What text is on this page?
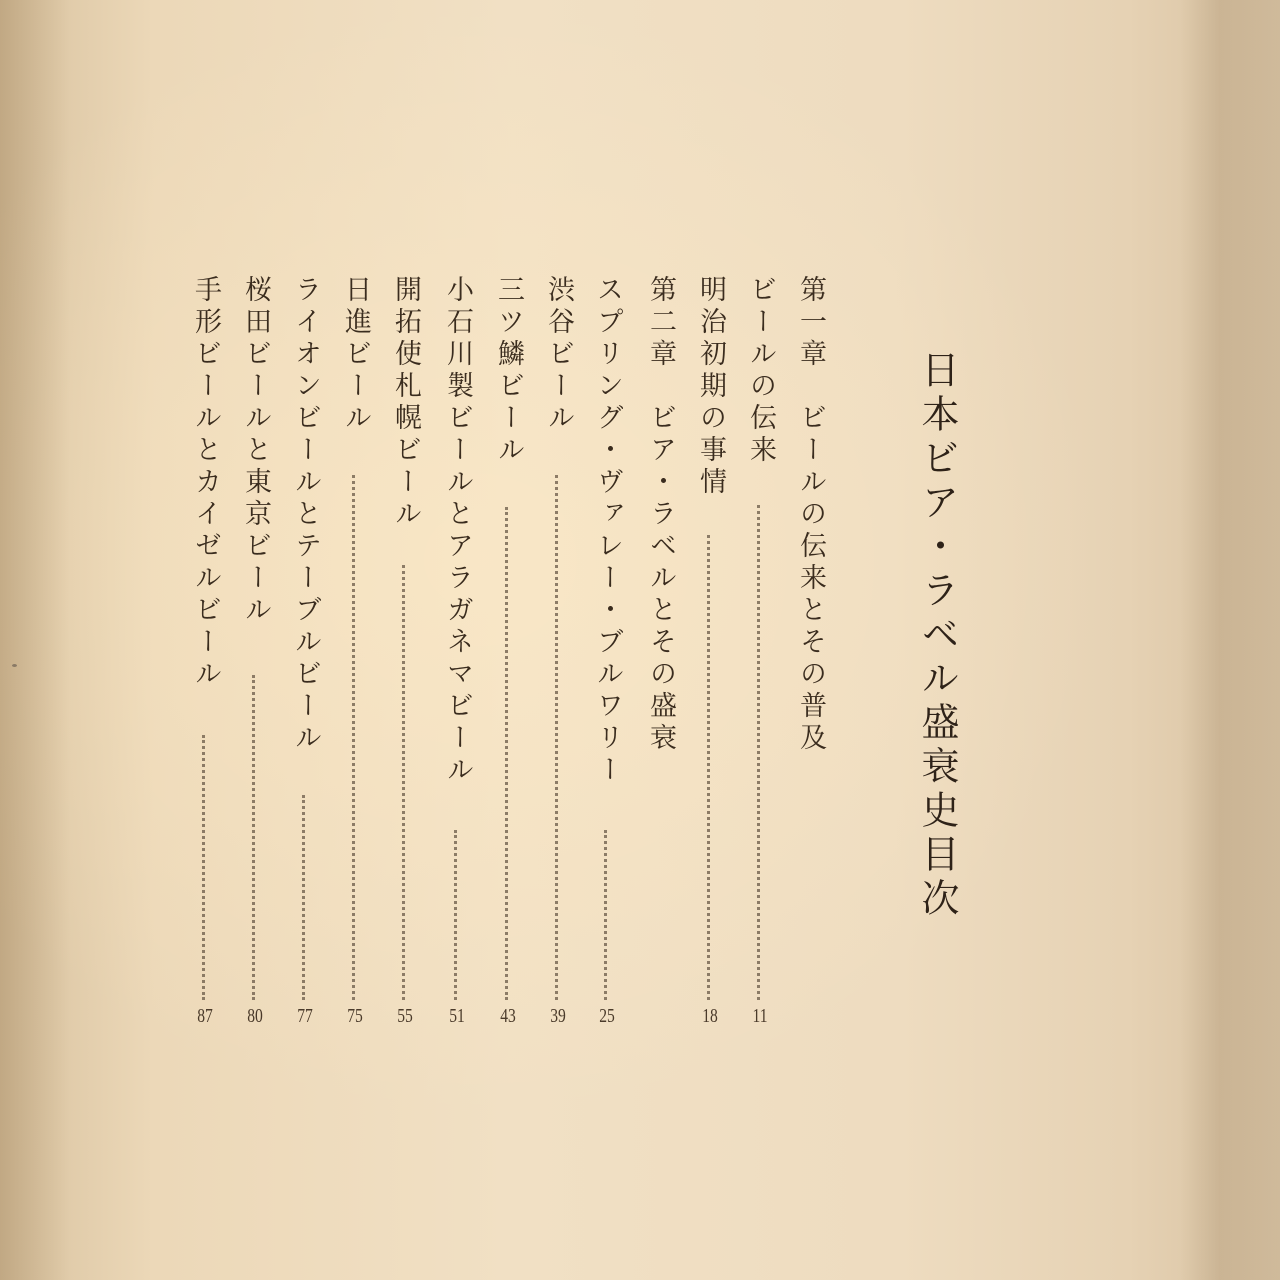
日本ビア・ラベル盛衰史目次
第一章　ビールの伝来とその普及
ビールの伝来
11
明治初期の事情
18
第二章　ビア・ラベルとその盛衰
スプリング・ヴァレー・ブルワリー
25
渋谷ビール
39
三ツ鱗ビール
43
小石川製ビールとアラガネマビール
51
開拓使札幌ビール
55
日進ビール
75
ライオンビールとテーブルビール
77
桜田ビールと東京ビール
80
手形ビールとカイゼルビール
87
